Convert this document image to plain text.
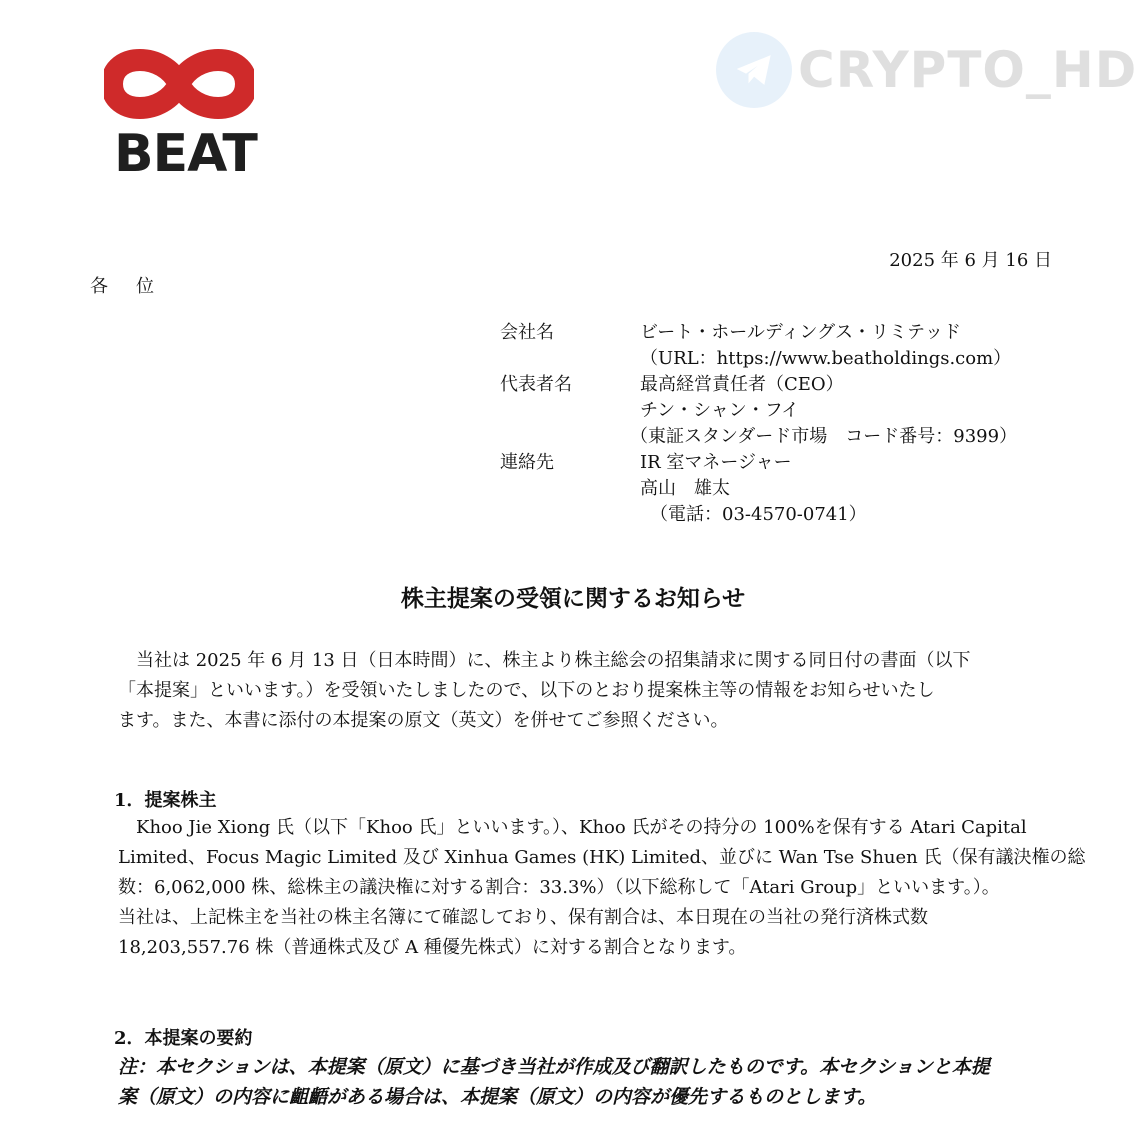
BEAT
CRYPTO_HD
2025 年 6 月 16 日
各位
会社名	ビート・ホールディングス・リミテッド
（URL：https://www.beatholdings.com）
代表者名	最高経営責任者（CEO）
チン・シャン・フイ
（東証スタンダード市場　コード番号：9399）
連絡先	IR 室マネージャー
高山　雄太
（電話：03-4570-0741）
株主提案の受領に関するお知らせ
　当社は 2025 年 6 月 13 日（日本時間）に、株主より株主総会の招集請求に関する同日付の書面（以下
「本提案」といいます。）を受領いたしましたので、以下のとおり提案株主等の情報をお知らせいたし
ます。また、本書に添付の本提案の原文（英文）を併せてご参照ください。
1．提案株主
　Khoo Jie Xiong 氏（以下「Khoo 氏」といいます。）、Khoo 氏がその持分の 100%を保有する Atari Capital
Limited、Focus Magic Limited 及び Xinhua Games (HK) Limited、並びに Wan Tse Shuen 氏（保有議決権の総
数：6,062,000 株、総株主の議決権に対する割合：33.3%）（以下総称して「Atari Group」といいます。）。
当社は、上記株主を当社の株主名簿にて確認しており、保有割合は、本日現在の当社の発行済株式数
18,203,557.76 株（普通株式及び A 種優先株式）に対する割合となります。
2．本提案の要約
注：本セクションは、本提案（原文）に基づき当社が作成及び翻訳したものです。本セクションと本提
案（原文）の内容に齟齬がある場合は、本提案（原文）の内容が優先するものとします。
